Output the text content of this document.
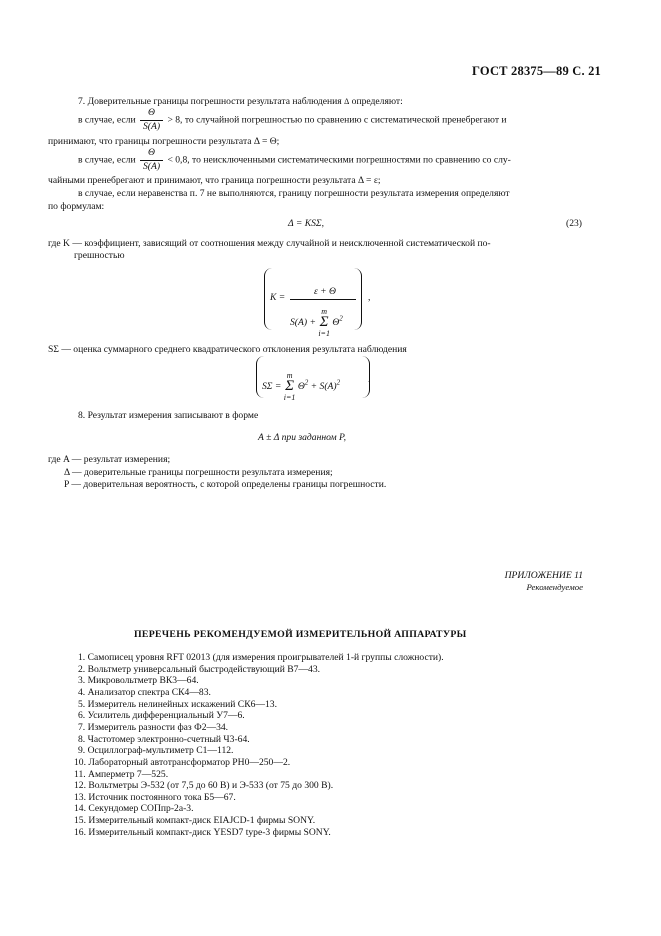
ГОСТ 28375—89 С. 21
7. Доверительные границы погрешности результата наблюдения Δ определяют:
в случае, если $\frac{\Theta}{S(A)} > 8$, то случайной погрешностью по сравнению с систематической пренебрегают и
принимают, что границы погрешности результата Δ = Θ;
в случае, если $\frac{\Theta}{S(A)} < 0,8$, то неисключенными систематическими погрешностями по сравнению со слу-
чайными пренебрегают и принимают, что граница погрешности результата Δ = ε;
в случае, если неравенства п. 7 не выполняются, границу погрешности результата измерения определяют
по формулам:
Δ = KSΣ,	(23)
где K — коэффициент, зависящий от соотношения между случайной и неисключенной систематической по-
грешностью
K =
ε + Θ
S(A) +
m
Σ
i=1
$\Theta^2$
,
SΣ — оценка суммарного среднего квадратического отклонения результата наблюдения
SΣ =
m
Σ
i=1
$\Theta^2 + S(A)^2$	.
8. Результат измерения записывают в форме
A ± Δ при заданном P,
где A — результат измерения;
Δ — доверительные границы погрешности результата измерения;
P — доверительная вероятность, с которой определены границы погрешности.
ПРИЛОЖЕНИЕ 11
Рекомендуемое
ПЕРЕЧЕНЬ РЕКОМЕНДУЕМОЙ ИЗМЕРИТЕЛЬНОЙ АППАРАТУРЫ
1. Самописец уровня RFT 02013 (для измерения проигрывателей 1-й группы сложности).
2. Вольтметр универсальный быстродействующий В7—43.
3. Микровольтметр ВК3—64.
4. Анализатор спектра СК4—83.
5. Измеритель нелинейных искажений СК6—13.
6. Усилитель дифференциальный У7—6.
7. Измеритель разности фаз Ф2—34.
8. Частотомер электронно-счетный Ч3-64.
9. Осциллограф-мультиметр С1—112.
10. Лабораторный автотрансформатор РН0—250—2.
11. Амперметр 7—525.
12. Вольтметры Э-532 (от 7,5 до 60 В) и Э-533 (от 75 до 300 В).
13. Источник постоянного тока Б5—67.
14. Секундомер СОПпр-2а-3.
15. Измерительный компакт-диск EIAJCD-1 фирмы SONY.
16. Измерительный компакт-диск YESD7 type-3 фирмы SONY.
